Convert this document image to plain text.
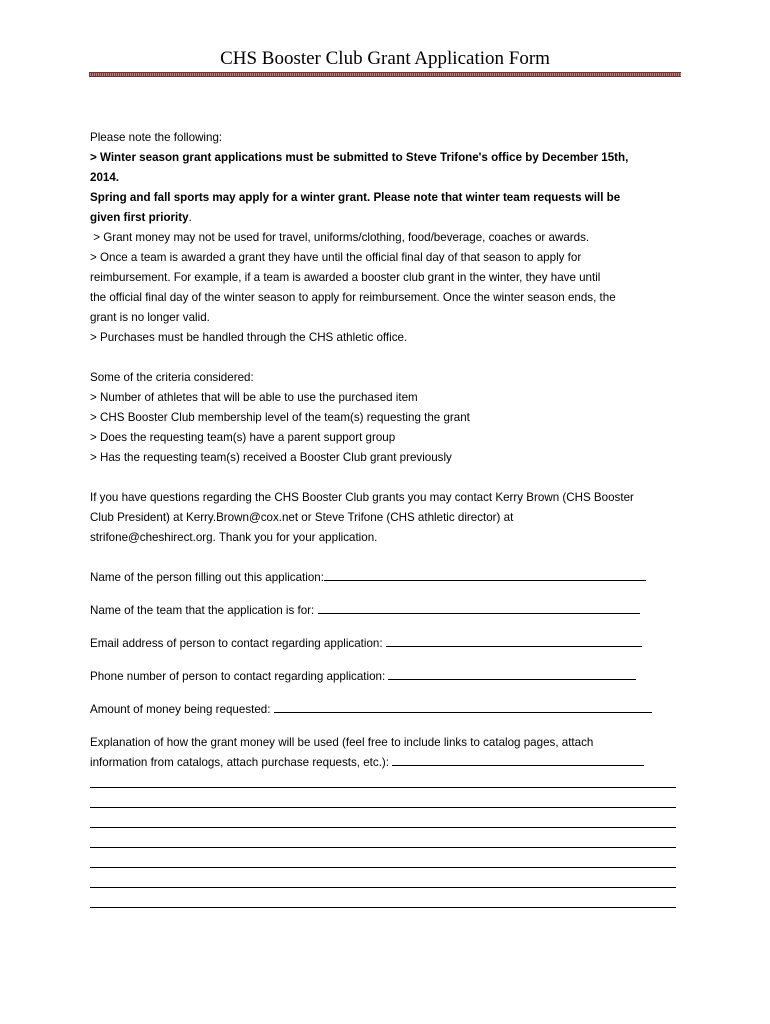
CHS Booster Club Grant Application Form
Please note the following:
> Winter season grant applications must be submitted to Steve Trifone's office by December 15th,
2014.
Spring and fall sports may apply for a winter grant. Please note that winter team requests will be
given first priority.
> Grant money may not be used for travel, uniforms/clothing, food/beverage, coaches or awards.
> Once a team is awarded a grant they have until the official final day of that season to apply for
reimbursement. For example, if a team is awarded a booster club grant in the winter, they have until
the official final day of the winter season to apply for reimbursement. Once the winter season ends, the
grant is no longer valid.
> Purchases must be handled through the CHS athletic office.
Some of the criteria considered:
> Number of athletes that will be able to use the purchased item
> CHS Booster Club membership level of the team(s) requesting the grant
> Does the requesting team(s) have a parent support group
> Has the requesting team(s) received a Booster Club grant previously
If you have questions regarding the CHS Booster Club grants you may contact Kerry Brown (CHS Booster
Club President) at Kerry.Brown@cox.net or Steve Trifone (CHS athletic director) at
strifone@cheshirect.org. Thank you for your application.
Name of the person filling out this application:
Name of the team that the application is for:
Email address of person to contact regarding application:
Phone number of person to contact regarding application:
Amount of money being requested:
Explanation of how the grant money will be used (feel free to include links to catalog pages, attach
information from catalogs, attach purchase requests, etc.):
